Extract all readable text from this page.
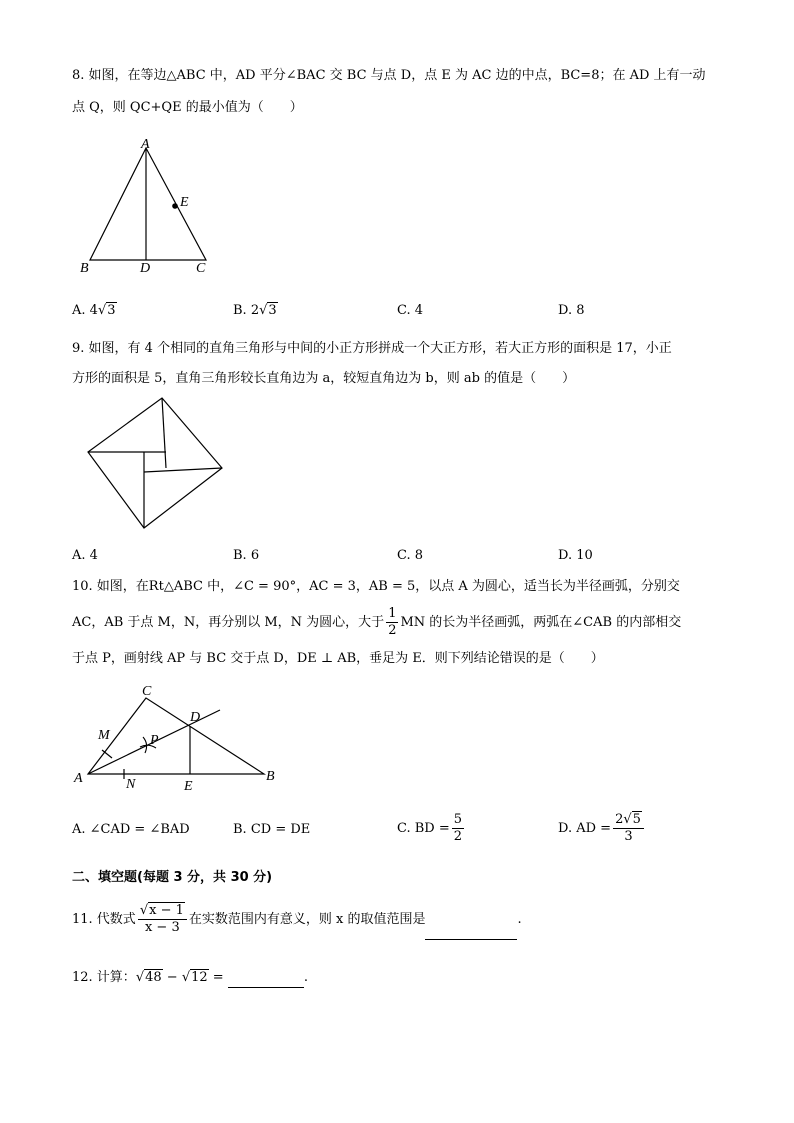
8. 如图，在等边△ABC 中，AD 平分∠BAC 交 BC 与点 D，点 E 为 AC 边的中点，BC=8；在 AD 上有一动
点 Q，则 QC+QE 的最小值为（　　）
A
E
B	D	C
A. 4√3	B. 2√3	C. 4	D. 8
9. 如图，有 4 个相同的直角三角形与中间的小正方形拼成一个大正方形，若大正方形的面积是 17，小正
方形的面积是 5，直角三角形较长直角边为 a，较短直角边为 b，则 ab 的值是（　　）
A. 4	B. 6	C. 8	D. 10
10. 如图，在Rt△ABC 中，∠C = 90°，AC = 3，AB = 5，以点 A 为圆心，适当长为半径画弧，分别交
AC，AB 于点 M，N，再分别以 M，N 为圆心，大于 $\frac{1}{2}$ MN 的长为半径画弧，两弧在∠CAB 的内部相交
于点 P，画射线 AP 与 BC 交于点 D，DE ⊥ AB，垂足为 E．则下列结论错误的是（　　）
C
D
M	P
A	N	E
B
A. ∠CAD = ∠BAD	B. CD = DE	C. BD = $\frac{5}{2}$	D. AD = $\frac{2√5}{3}$
二、填空题(每题 3 分，共 30 分)
11. 代数式 $\frac{√x - 1}{x - 3}$ 在实数范围内有意义，则 x 的取值范围是	.
12. 计算：√48 − √12 =	.
